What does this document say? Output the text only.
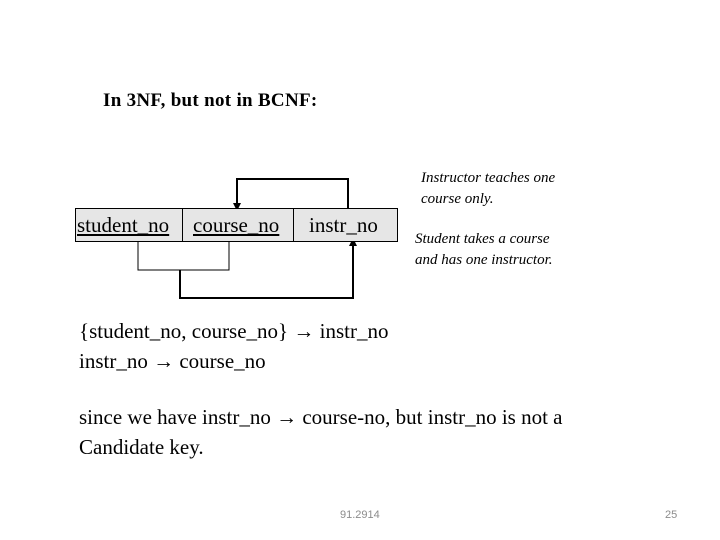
In 3NF, but not in BCNF:
student_no course_no instr_no
Instructor teaches one
course only.
Student takes a course
and has one instructor.
{student_no, course_no} → instr_no
instr_no → course_no
since we have instr_no → course-no, but instr_no is not a
Candidate key.
91.2914	25
